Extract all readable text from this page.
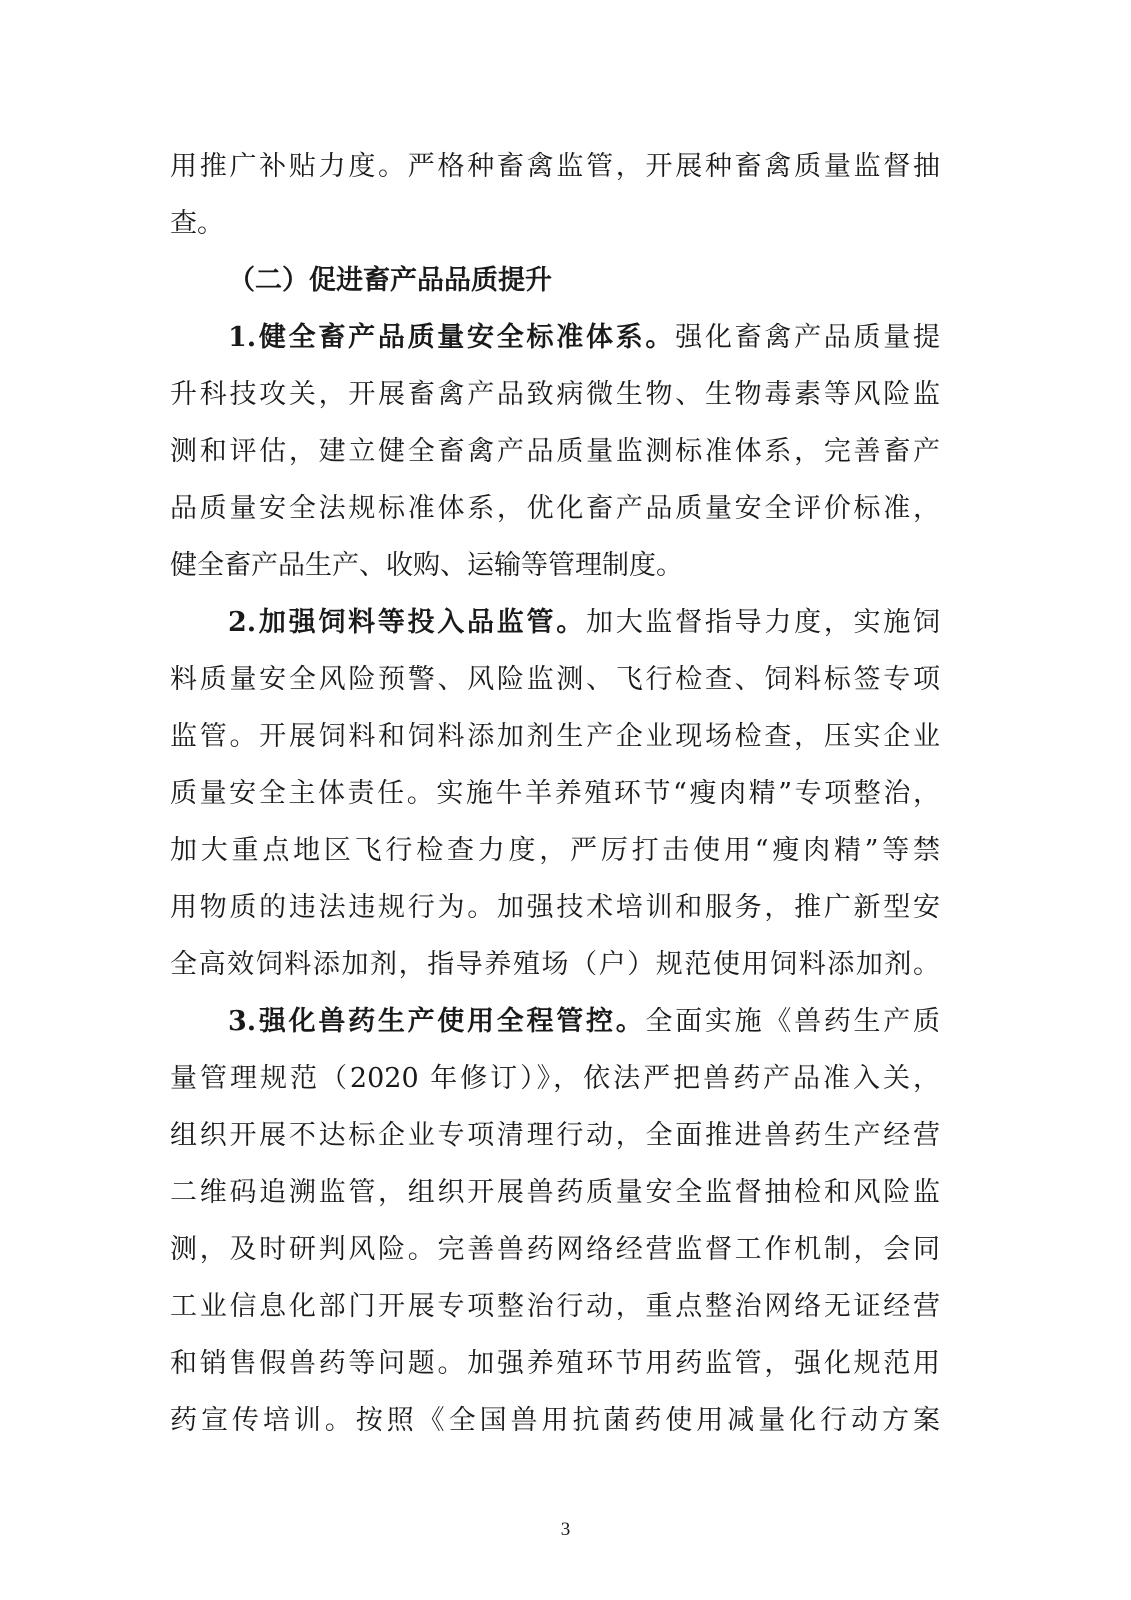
用推广补贴力度。严格种畜禽监管，开展种畜禽质量监督抽
查。
（二）促进畜产品品质提升
1.健全畜产品质量安全标准体系。强化畜禽产品质量提
升科技攻关，开展畜禽产品致病微生物、生物毒素等风险监
测和评估，建立健全畜禽产品质量监测标准体系，完善畜产
品质量安全法规标准体系，优化畜产品质量安全评价标准，
健全畜产品生产、收购、运输等管理制度。
2.加强饲料等投入品监管。加大监督指导力度，实施饲
料质量安全风险预警、风险监测、飞行检查、饲料标签专项
监管。开展饲料和饲料添加剂生产企业现场检查，压实企业
质量安全主体责任。实施牛羊养殖环节“瘦肉精”专项整治，
加大重点地区飞行检查力度，严厉打击使用“瘦肉精”等禁
用物质的违法违规行为。加强技术培训和服务，推广新型安
全高效饲料添加剂，指导养殖场（户）规范使用饲料添加剂。
3.强化兽药生产使用全程管控。全面实施《兽药生产质
量管理规范（2020 年修订）》，依法严把兽药产品准入关，
组织开展不达标企业专项清理行动，全面推进兽药生产经营
二维码追溯监管，组织开展兽药质量安全监督抽检和风险监
测，及时研判风险。完善兽药网络经营监督工作机制，会同
工业信息化部门开展专项整治行动，重点整治网络无证经营
和销售假兽药等问题。加强养殖环节用药监管，强化规范用
药宣传培训。按照《全国兽用抗菌药使用减量化行动方案
3
